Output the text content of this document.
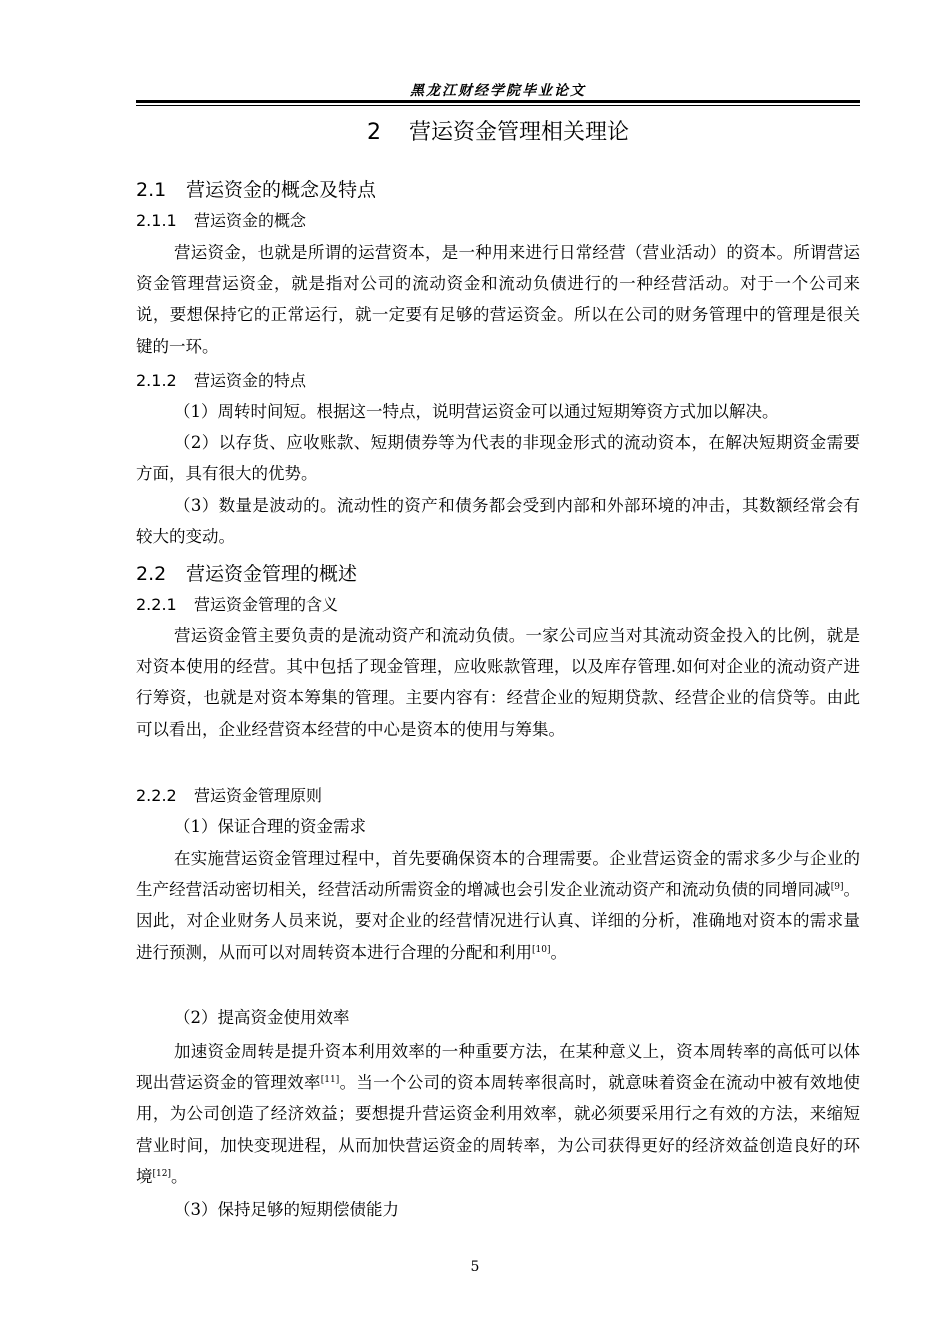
黑龙江财经学院毕业论文
2 营运资金管理相关理论
2.1 营运资金的概念及特点
2.1.1 营运资金的概念
营运资金，也就是所谓的运营资本，是一种用来进行日常经营（营业活动）的资本。所谓营运资金管理营运资金，就是指对公司的流动资金和流动负债进行的一种经营活动。对于一个公司来说，要想保持它的正常运行，就一定要有足够的营运资金。所以在公司的财务管理中的管理是很关键的一环。
2.1.2 营运资金的特点
（1）周转时间短。根据这一特点，说明营运资金可以通过短期筹资方式加以解决。
（2）以存货、应收账款、短期债券等为代表的非现金形式的流动资本，在解决短期资金需要方面，具有很大的优势。
（3）数量是波动的。流动性的资产和债务都会受到内部和外部环境的冲击，其数额经常会有较大的变动。
2.2 营运资金管理的概述
2.2.1 营运资金管理的含义
营运资金管主要负责的是流动资产和流动负债。一家公司应当对其流动资金投入的比例，就是对资本使用的经营。其中包括了现金管理，应收账款管理，以及库存管理.如何对企业的流动资产进行筹资，也就是对资本筹集的管理。主要内容有：经营企业的短期贷款、经营企业的信贷等。由此可以看出，企业经营资本经营的中心是资本的使用与筹集。
2.2.2 营运资金管理原则
（1）保证合理的资金需求
在实施营运资金管理过程中，首先要确保资本的合理需要。企业营运资金的需求多少与企业的生产经营活动密切相关，经营活动所需资金的增减也会引发企业流动资产和流动负债的同增同减[9]。因此，对企业财务人员来说，要对企业的经营情况进行认真、详细的分析，准确地对资本的需求量进行预测，从而可以对周转资本进行合理的分配和利用[10]。
（2）提高资金使用效率
加速资金周转是提升资本利用效率的一种重要方法，在某种意义上，资本周转率的高低可以体现出营运资金的管理效率[11]。当一个公司的资本周转率很高时，就意味着资金在流动中被有效地使用，为公司创造了经济效益；要想提升营运资金利用效率，就必须要采用行之有效的方法，来缩短营业时间，加快变现进程，从而加快营运资金的周转率，为公司获得更好的经济效益创造良好的环境[12]。
（3）保持足够的短期偿债能力
5
